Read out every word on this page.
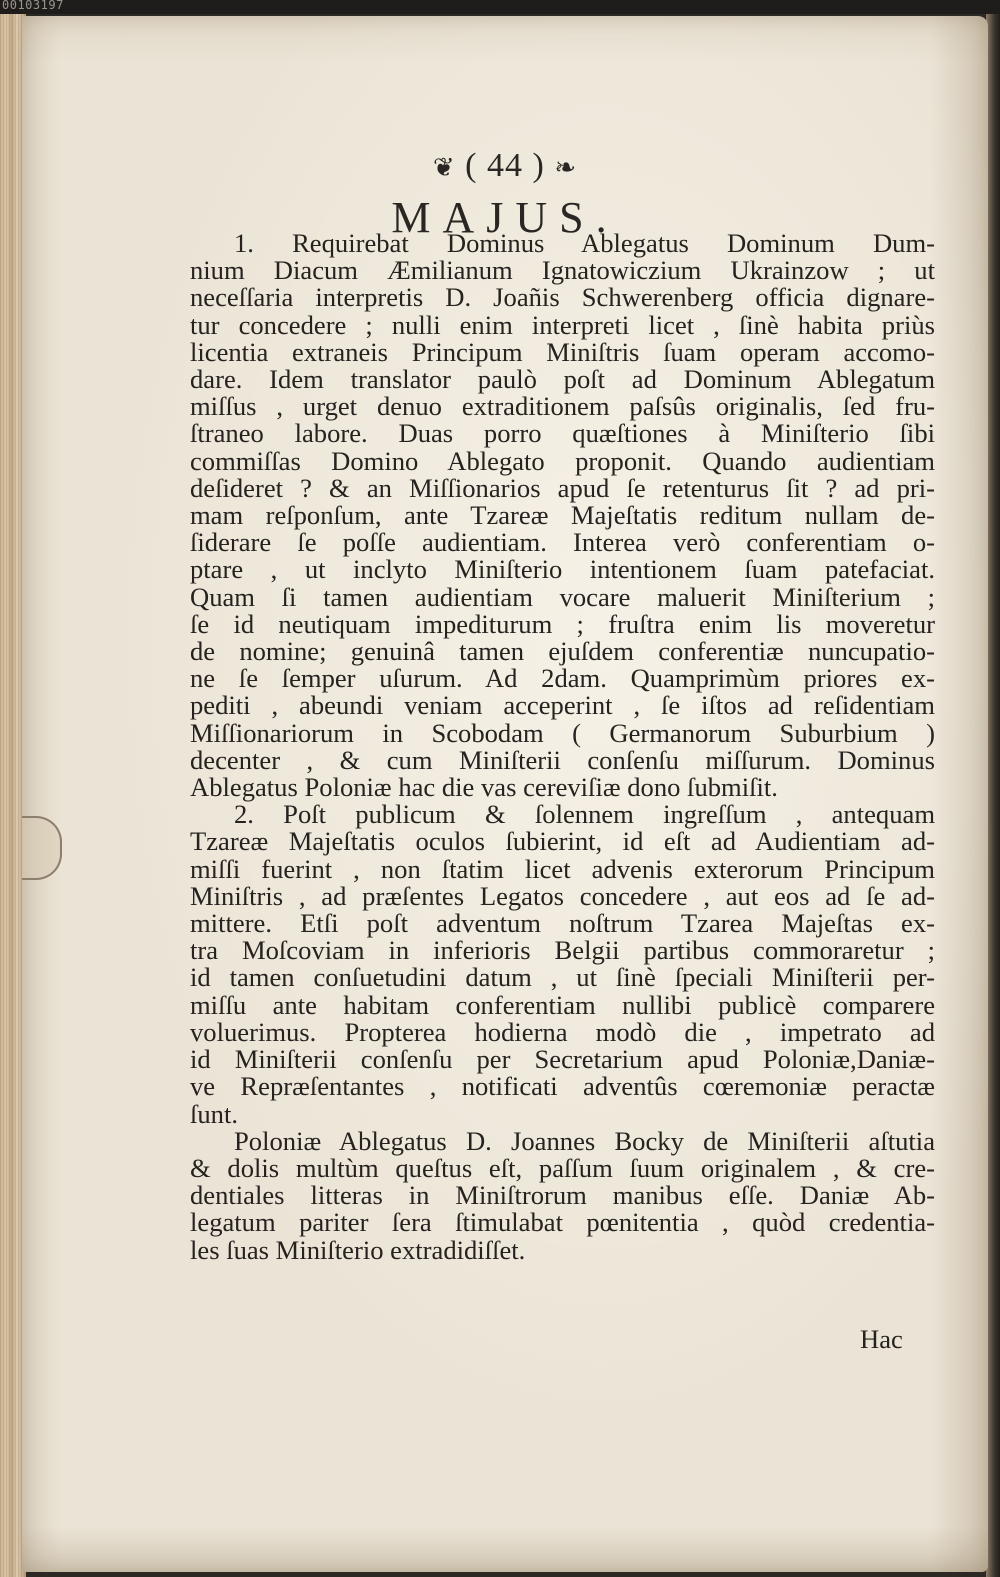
00103197
❦ ( 44 ) ❧
MAJUS.
1. Requirebat Dominus Ablegatus Dominum Dum-
nium Diacum Æmilianum Ignatowiczium Ukrainzow ; ut
neceſſaria interpretis D. Joañis Schwerenberg officia dignare-
tur concedere ; nulli enim interpreti licet , ſinè habita priùs
licentia extraneis Principum Miniſtris ſuam operam accomo-
dare. Idem translator paulò poſt ad Dominum Ablegatum
miſſus , urget denuo extraditionem paſsûs originalis, ſed fru-
ſtraneo labore. Duas porro quæſtiones à Miniſterio ſibi
commiſſas Domino Ablegato proponit. Quando audientiam
deſideret ? & an Miſſionarios apud ſe retenturus ſit ? ad pri-
mam reſponſum, ante Tzareæ Majeſtatis reditum nullam de-
ſiderare ſe poſſe audientiam. Interea verò conferentiam o-
ptare , ut inclyto Miniſterio intentionem ſuam patefaciat.
Quam ſi tamen audientiam vocare maluerit Miniſterium ;
ſe id neutiquam impediturum ; fruſtra enim lis moveretur
de nomine; genuinâ tamen ejuſdem conferentiæ nuncupatio-
ne ſe ſemper uſurum. Ad 2dam. Quamprimùm priores ex-
pediti , abeundi veniam acceperint , ſe iſtos ad reſidentiam
Miſſionariorum in Scobodam ( Germanorum Suburbium )
decenter , & cum Miniſterii conſenſu miſſurum. Dominus
Ablegatus Poloniæ hac die vas cereviſiæ dono ſubmiſit.
2. Poſt publicum & ſolennem ingreſſum , antequam
Tzareæ Majeſtatis oculos ſubierint, id eſt ad Audientiam ad-
miſſi fuerint , non ſtatim licet advenis exterorum Principum
Miniſtris , ad præſentes Legatos concedere , aut eos ad ſe ad-
mittere. Etſi poſt adventum noſtrum Tzarea Majeſtas ex-
tra Moſcoviam in inferioris Belgii partibus commoraretur ;
id tamen conſuetudini datum , ut ſinè ſpeciali Miniſterii per-
miſſu ante habitam conferentiam nullibi publicè comparere
voluerimus. Propterea hodierna modò die , impetrato ad
id Miniſterii conſenſu per Secretarium apud Poloniæ,Daniæ-
ve Repræſentantes , notificati adventûs cœremoniæ peractæ
ſunt.
Poloniæ Ablegatus D. Joannes Bocky de Miniſterii aſtutia
& dolis multùm queſtus eſt, paſſum ſuum originalem , & cre-
dentiales litteras in Miniſtrorum manibus eſſe. Daniæ Ab-
legatum pariter ſera ſtimulabat pœnitentia , quòd credentia-
les ſuas Miniſterio extradidiſſet.
Hac
